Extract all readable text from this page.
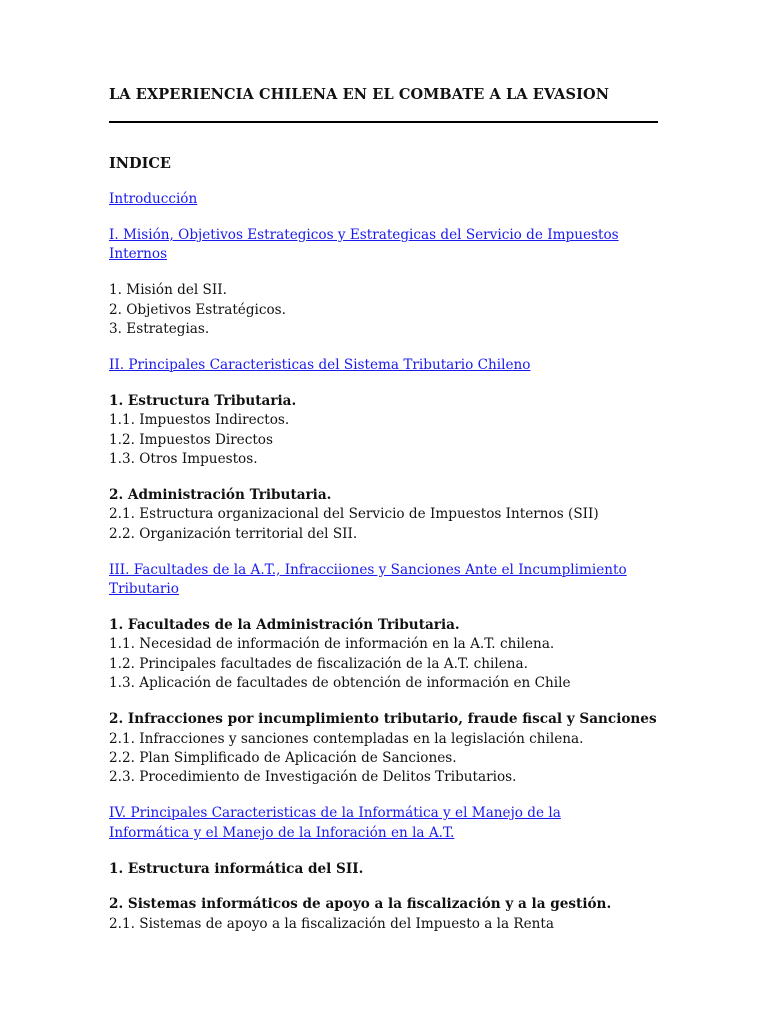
LA EXPERIENCIA CHILENA EN EL COMBATE A LA EVASION
INDICE
Introducción
I. Misión, Objetivos Estrategicos y Estrategicas del Servicio de Impuestos
Internos
1. Misión del SII.
2. Objetivos Estratégicos.
3. Estrategias.
II. Principales Caracteristicas del Sistema Tributario Chileno
1. Estructura Tributaria.
1.1. Impuestos Indirectos.
1.2. Impuestos Directos
1.3. Otros Impuestos.
2. Administración Tributaria.
2.1. Estructura organizacional del Servicio de Impuestos Internos (SII)
2.2. Organización territorial del SII.
III. Facultades de la A.T., Infracciiones y Sanciones Ante el Incumplimiento
Tributario
1. Facultades de la Administración Tributaria.
1.1. Necesidad de información de información en la A.T. chilena.
1.2. Principales facultades de fiscalización de la A.T. chilena.
1.3. Aplicación de facultades de obtención de información en Chile
2. Infracciones por incumplimiento tributario, fraude fiscal y Sanciones
2.1. Infracciones y sanciones contempladas en la legislación chilena.
2.2. Plan Simplificado de Aplicación de Sanciones.
2.3. Procedimiento de Investigación de Delitos Tributarios.
IV. Principales Caracteristicas de la Informática y el Manejo de la
Informática y el Manejo de la Inforación en la A.T.
1. Estructura informática del SII.
2. Sistemas informáticos de apoyo a la fiscalización y a la gestión.
2.1. Sistemas de apoyo a la fiscalización del Impuesto a la Renta
